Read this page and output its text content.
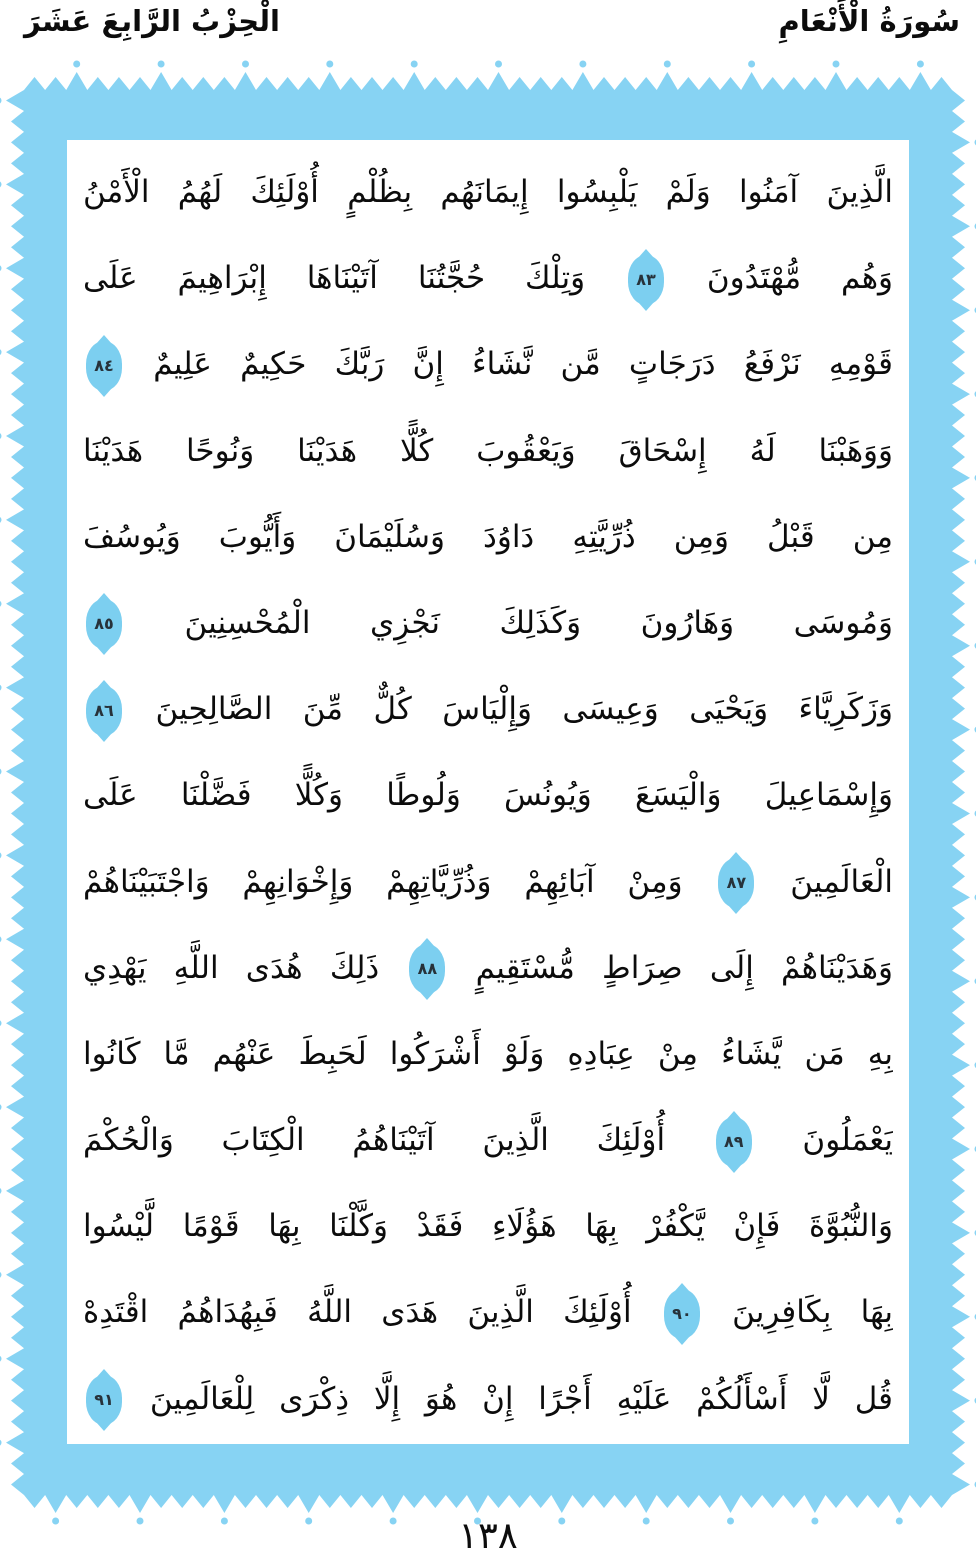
سُورَةُ الْأَنْعَامِ
الْحِزْبُ الرَّابِعَ عَشَرَ
الَّذِينَ آمَنُوا وَلَمْ يَلْبِسُوا إِيمَانَهُم بِظُلْمٍ أُوْلَئِكَ لَهُمُ الْأَمْنُ
وَهُم مُّهْتَدُونَ
٨٣
وَتِلْكَ حُجَّتُنَا آتَيْنَاهَا إِبْرَاهِيمَ عَلَى
قَوْمِهِ نَرْفَعُ دَرَجَاتٍ مَّن نَّشَاءُ إِنَّ رَبَّكَ حَكِيمٌ عَلِيمٌ
٨٤
وَوَهَبْنَا لَهُ إِسْحَاقَ وَيَعْقُوبَ كُلًّا هَدَيْنَا وَنُوحًا هَدَيْنَا
مِن قَبْلُ وَمِن ذُرِّيَّتِهِ دَاوُدَ وَسُلَيْمَانَ وَأَيُّوبَ وَيُوسُفَ
وَمُوسَى وَهَارُونَ وَكَذَلِكَ نَجْزِي الْمُحْسِنِينَ
٨٥
وَزَكَرِيَّاءَ وَيَحْيَى وَعِيسَى وَإِلْيَاسَ كُلٌّ مِّنَ الصَّالِحِينَ
٨٦
وَإِسْمَاعِيلَ وَالْيَسَعَ وَيُونُسَ وَلُوطًا وَكُلًّا فَضَّلْنَا عَلَى
الْعَالَمِينَ
٨٧
وَمِنْ آبَائِهِمْ وَذُرِّيَّاتِهِمْ وَإِخْوَانِهِمْ وَاجْتَبَيْنَاهُمْ
وَهَدَيْنَاهُمْ إِلَى صِرَاطٍ مُّسْتَقِيمٍ
٨٨
ذَلِكَ هُدَى اللَّهِ يَهْدِي
بِهِ مَن يَّشَاءُ مِنْ عِبَادِهِ وَلَوْ أَشْرَكُوا لَحَبِطَ عَنْهُم مَّا كَانُوا
يَعْمَلُونَ
٨٩
أُوْلَئِكَ الَّذِينَ آتَيْنَاهُمُ الْكِتَابَ وَالْحُكْمَ
وَالنُّبُوَّةَ فَإِنْ يَّكْفُرْ بِهَا هَؤُلَاءِ فَقَدْ وَكَّلْنَا بِهَا قَوْمًا لَّيْسُوا
بِهَا بِكَافِرِينَ
٩٠
أُوْلَئِكَ الَّذِينَ هَدَى اللَّهُ فَبِهُدَاهُمُ اقْتَدِهْ
قُل لَّا أَسْأَلُكُمْ عَلَيْهِ أَجْرًا إِنْ هُوَ إِلَّا ذِكْرَى لِلْعَالَمِينَ
٩١
١٣٨
